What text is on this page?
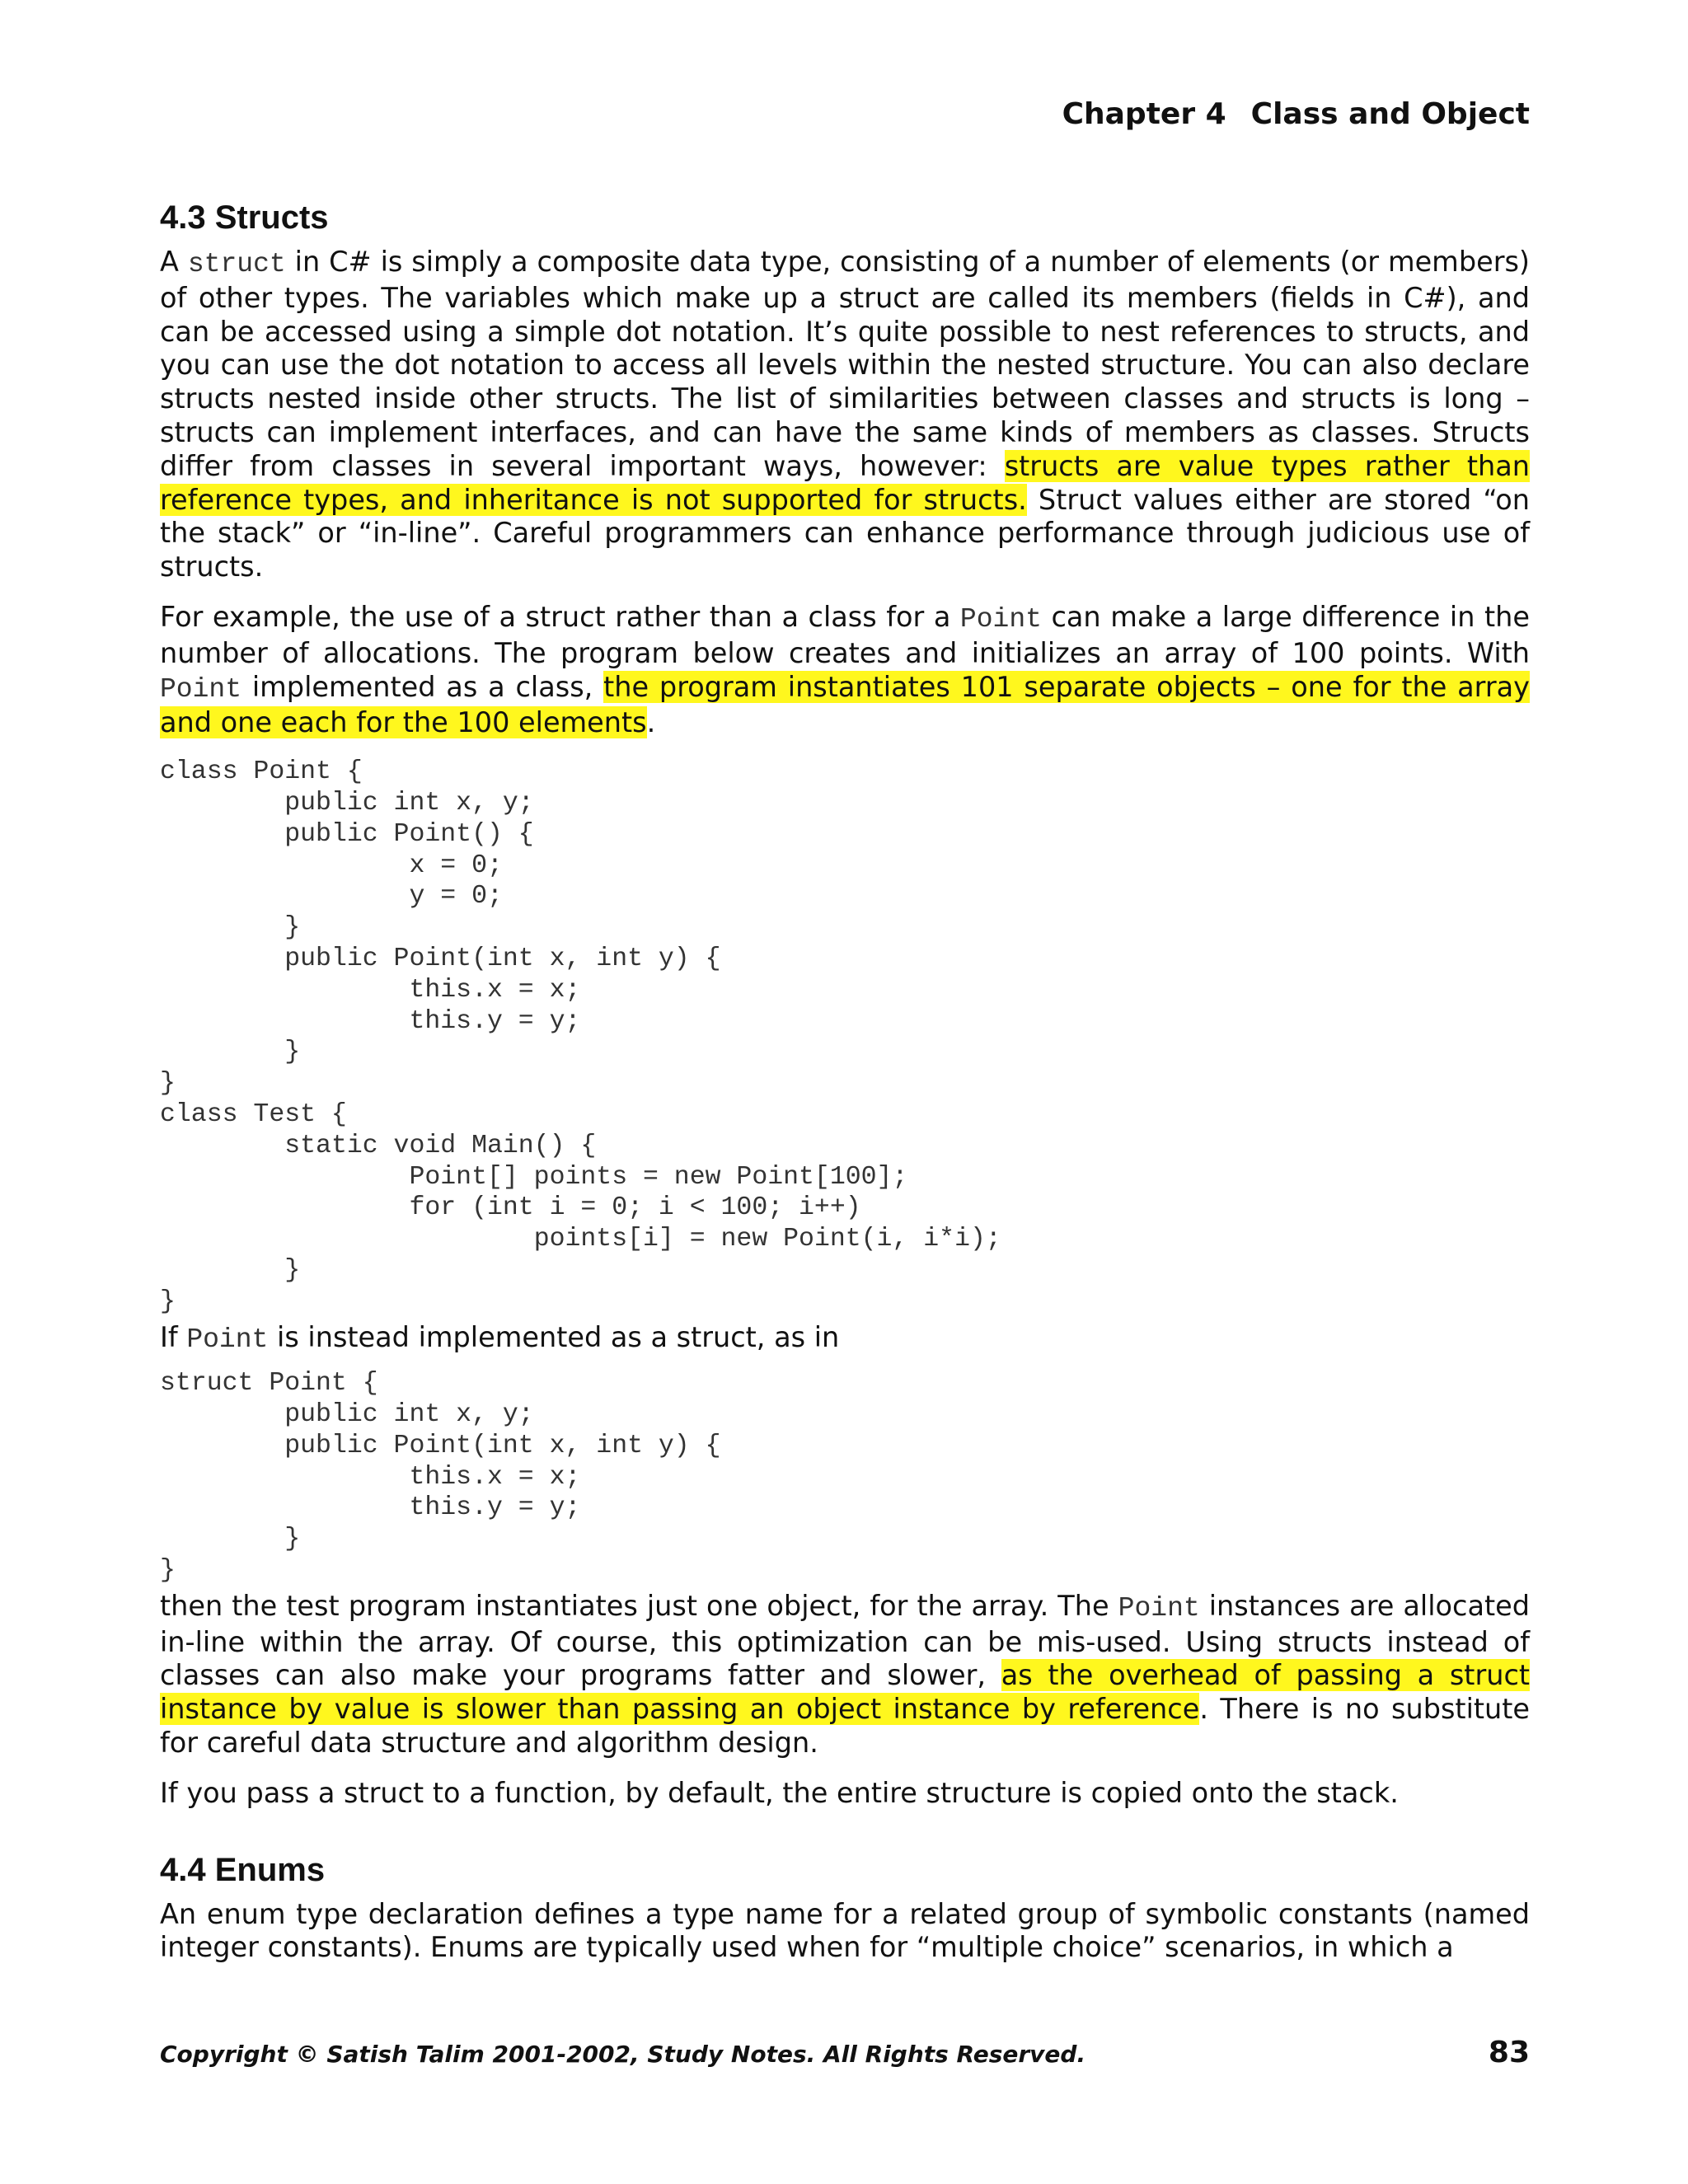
Chapter 4 Class and Object
4.3 Structs

A struct in C# is simply a composite data type, consisting of a number of elements (or members) of other types. The variables which make up a struct are called its members (fields in C#), and can be accessed using a simple dot notation. It’s quite possible to nest references to structs, and you can use the dot notation to access all levels within the nested structure. You can also declare structs nested inside other structs. The list of similarities between classes and structs is long – structs can implement interfaces, and can have the same kinds of members as classes. Structs differ from classes in several important ways, however: structs are value types rather than reference types, and inheritance is not supported for structs. Struct values either are stored “on the stack” or “in-line”. Careful programmers can enhance performance through judicious use of structs.

For example, the use of a struct rather than a class for a Point can make a large difference in the number of allocations. The program below creates and initializes an array of 100 points. With Point implemented as a class, the program instantiates 101 separate objects – one for the array and one each for the 100 elements.

class Point {
	public int x, y;
	public Point() {
		x = 0;
		y = 0;
	}
	public Point(int x, int y) {
		this.x = x;
		this.y = y;
	}
}
class Test {
	static void Main() {
		Point[] points = new Point[100];
		for (int i = 0; i < 100; i++)
			points[i] = new Point(i, i*i);
	}
}

If Point is instead implemented as a struct, as in

struct Point {
	public int x, y;
	public Point(int x, int y) {
		this.x = x;
		this.y = y;
	}
}

then the test program instantiates just one object, for the array. The Point instances are allocated in-line within the array. Of course, this optimization can be mis-used. Using structs instead of classes can also make your programs fatter and slower, as the overhead of passing a struct instance by value is slower than passing an object instance by reference. There is no substitute for careful data structure and algorithm design.

If you pass a struct to a function, by default, the entire structure is copied onto the stack.

4.4 Enums

An enum type declaration defines a type name for a related group of symbolic constants (named integer constants). Enums are typically used when for “multiple choice” scenarios, in which a

Copyright © Satish Talim 2001-2002, Study Notes. All Rights Reserved.	83
